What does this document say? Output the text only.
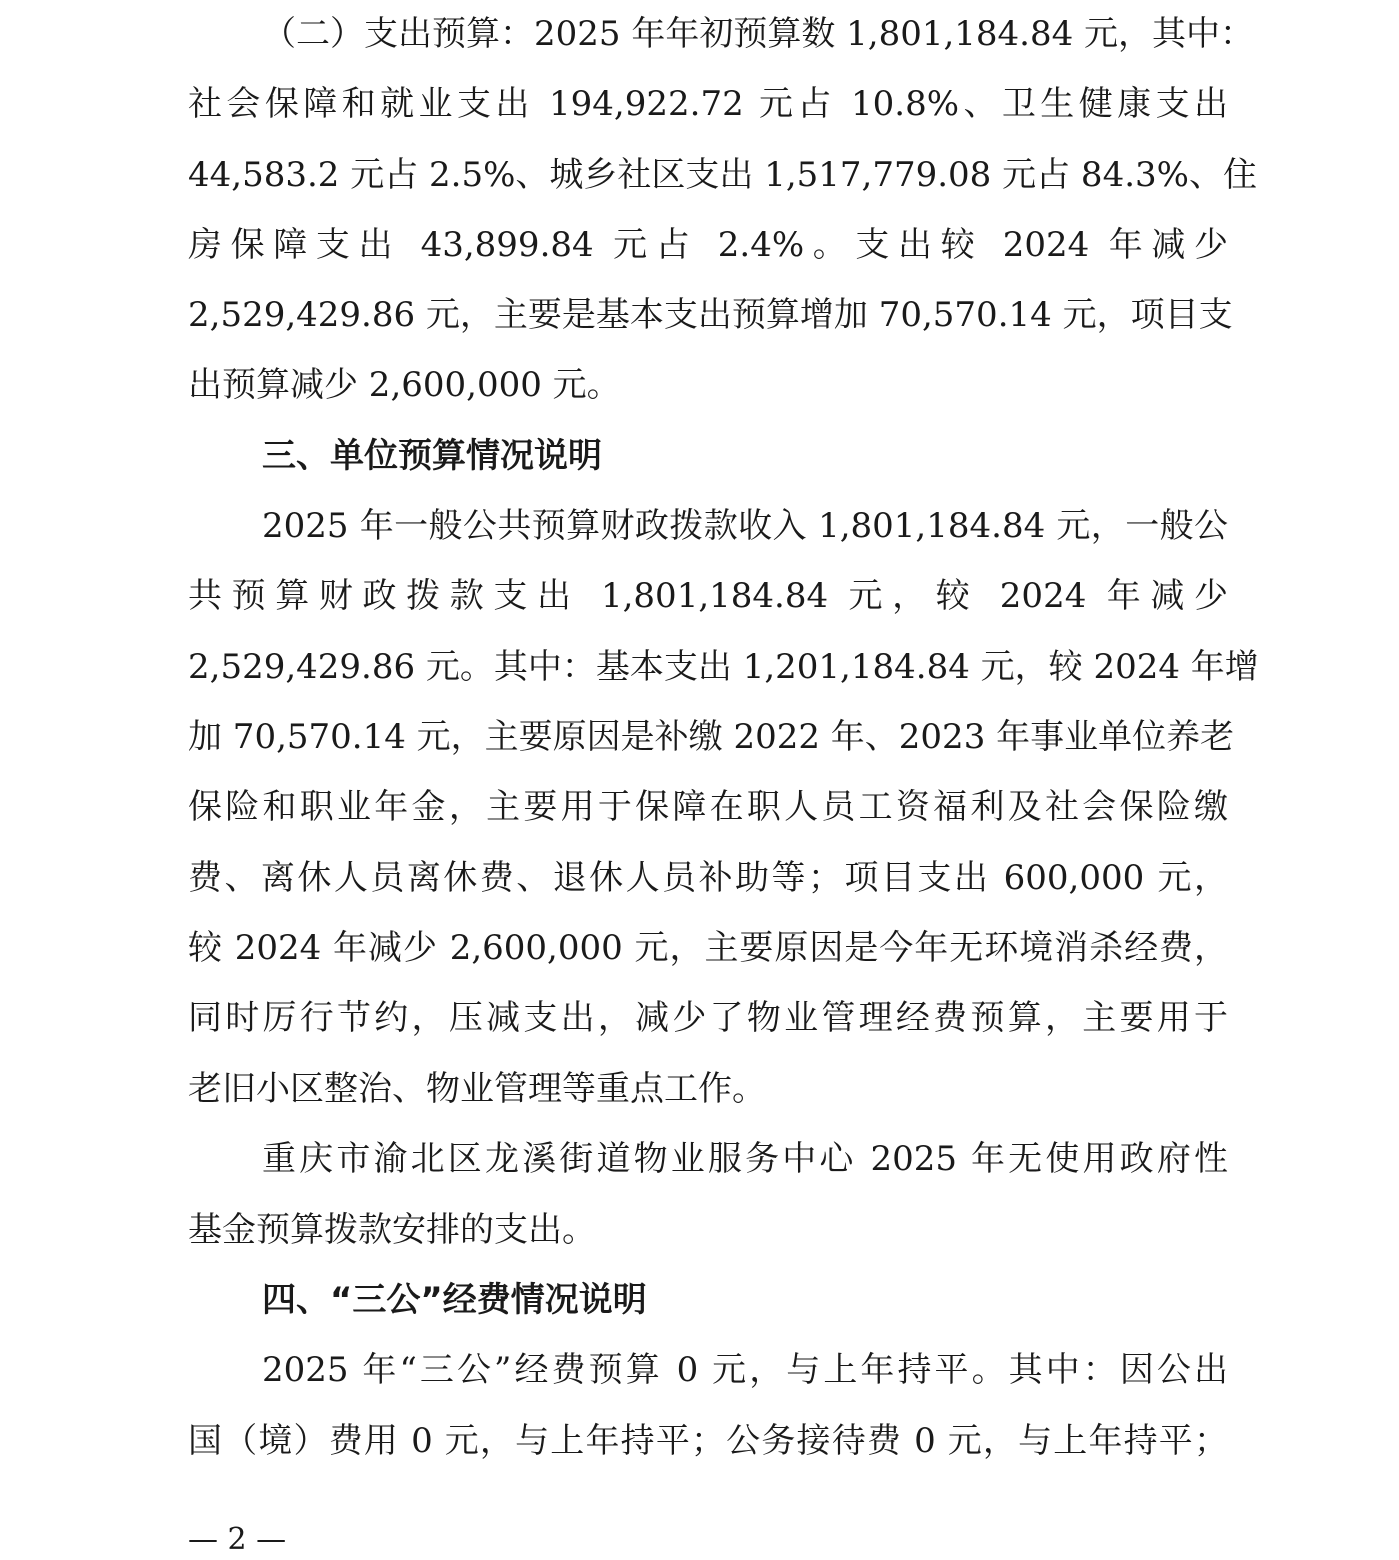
（二）支出预算：2025 年年初预算数 1,801,184.84 元，其中：
社会保障和就业支出 194,922.72 元占 10.8%、卫生健康支出
44,583.2 元占 2.5%、城乡社区支出 1,517,779.08 元占 84.3%、住
房保障支出 43,899.84 元占 2.4%。支出较 2024 年减少
2,529,429.86 元，主要是基本支出预算增加 70,570.14 元，项目支
出预算减少 2,600,000 元。
三、单位预算情况说明
2025 年一般公共预算财政拨款收入 1,801,184.84 元，一般公
共预算财政拨款支出 1,801,184.84 元，较 2024 年减少
2,529,429.86 元。其中：基本支出 1,201,184.84 元，较 2024 年增
加 70,570.14 元，主要原因是补缴 2022 年、2023 年事业单位养老
保险和职业年金，主要用于保障在职人员工资福利及社会保险缴
费、离休人员离休费、退休人员补助等；项目支出 600,000 元，
较 2024 年减少 2,600,000 元，主要原因是今年无环境消杀经费，
同时厉行节约，压减支出，减少了物业管理经费预算，主要用于
老旧小区整治、物业管理等重点工作。
重庆市渝北区龙溪街道物业服务中心 2025 年无使用政府性
基金预算拨款安排的支出。
四、“三公”经费情况说明
2025 年“三公”经费预算 0 元，与上年持平。其中：因公出
国（境）费用 0 元，与上年持平；公务接待费 0 元，与上年持平；
— 2 —
